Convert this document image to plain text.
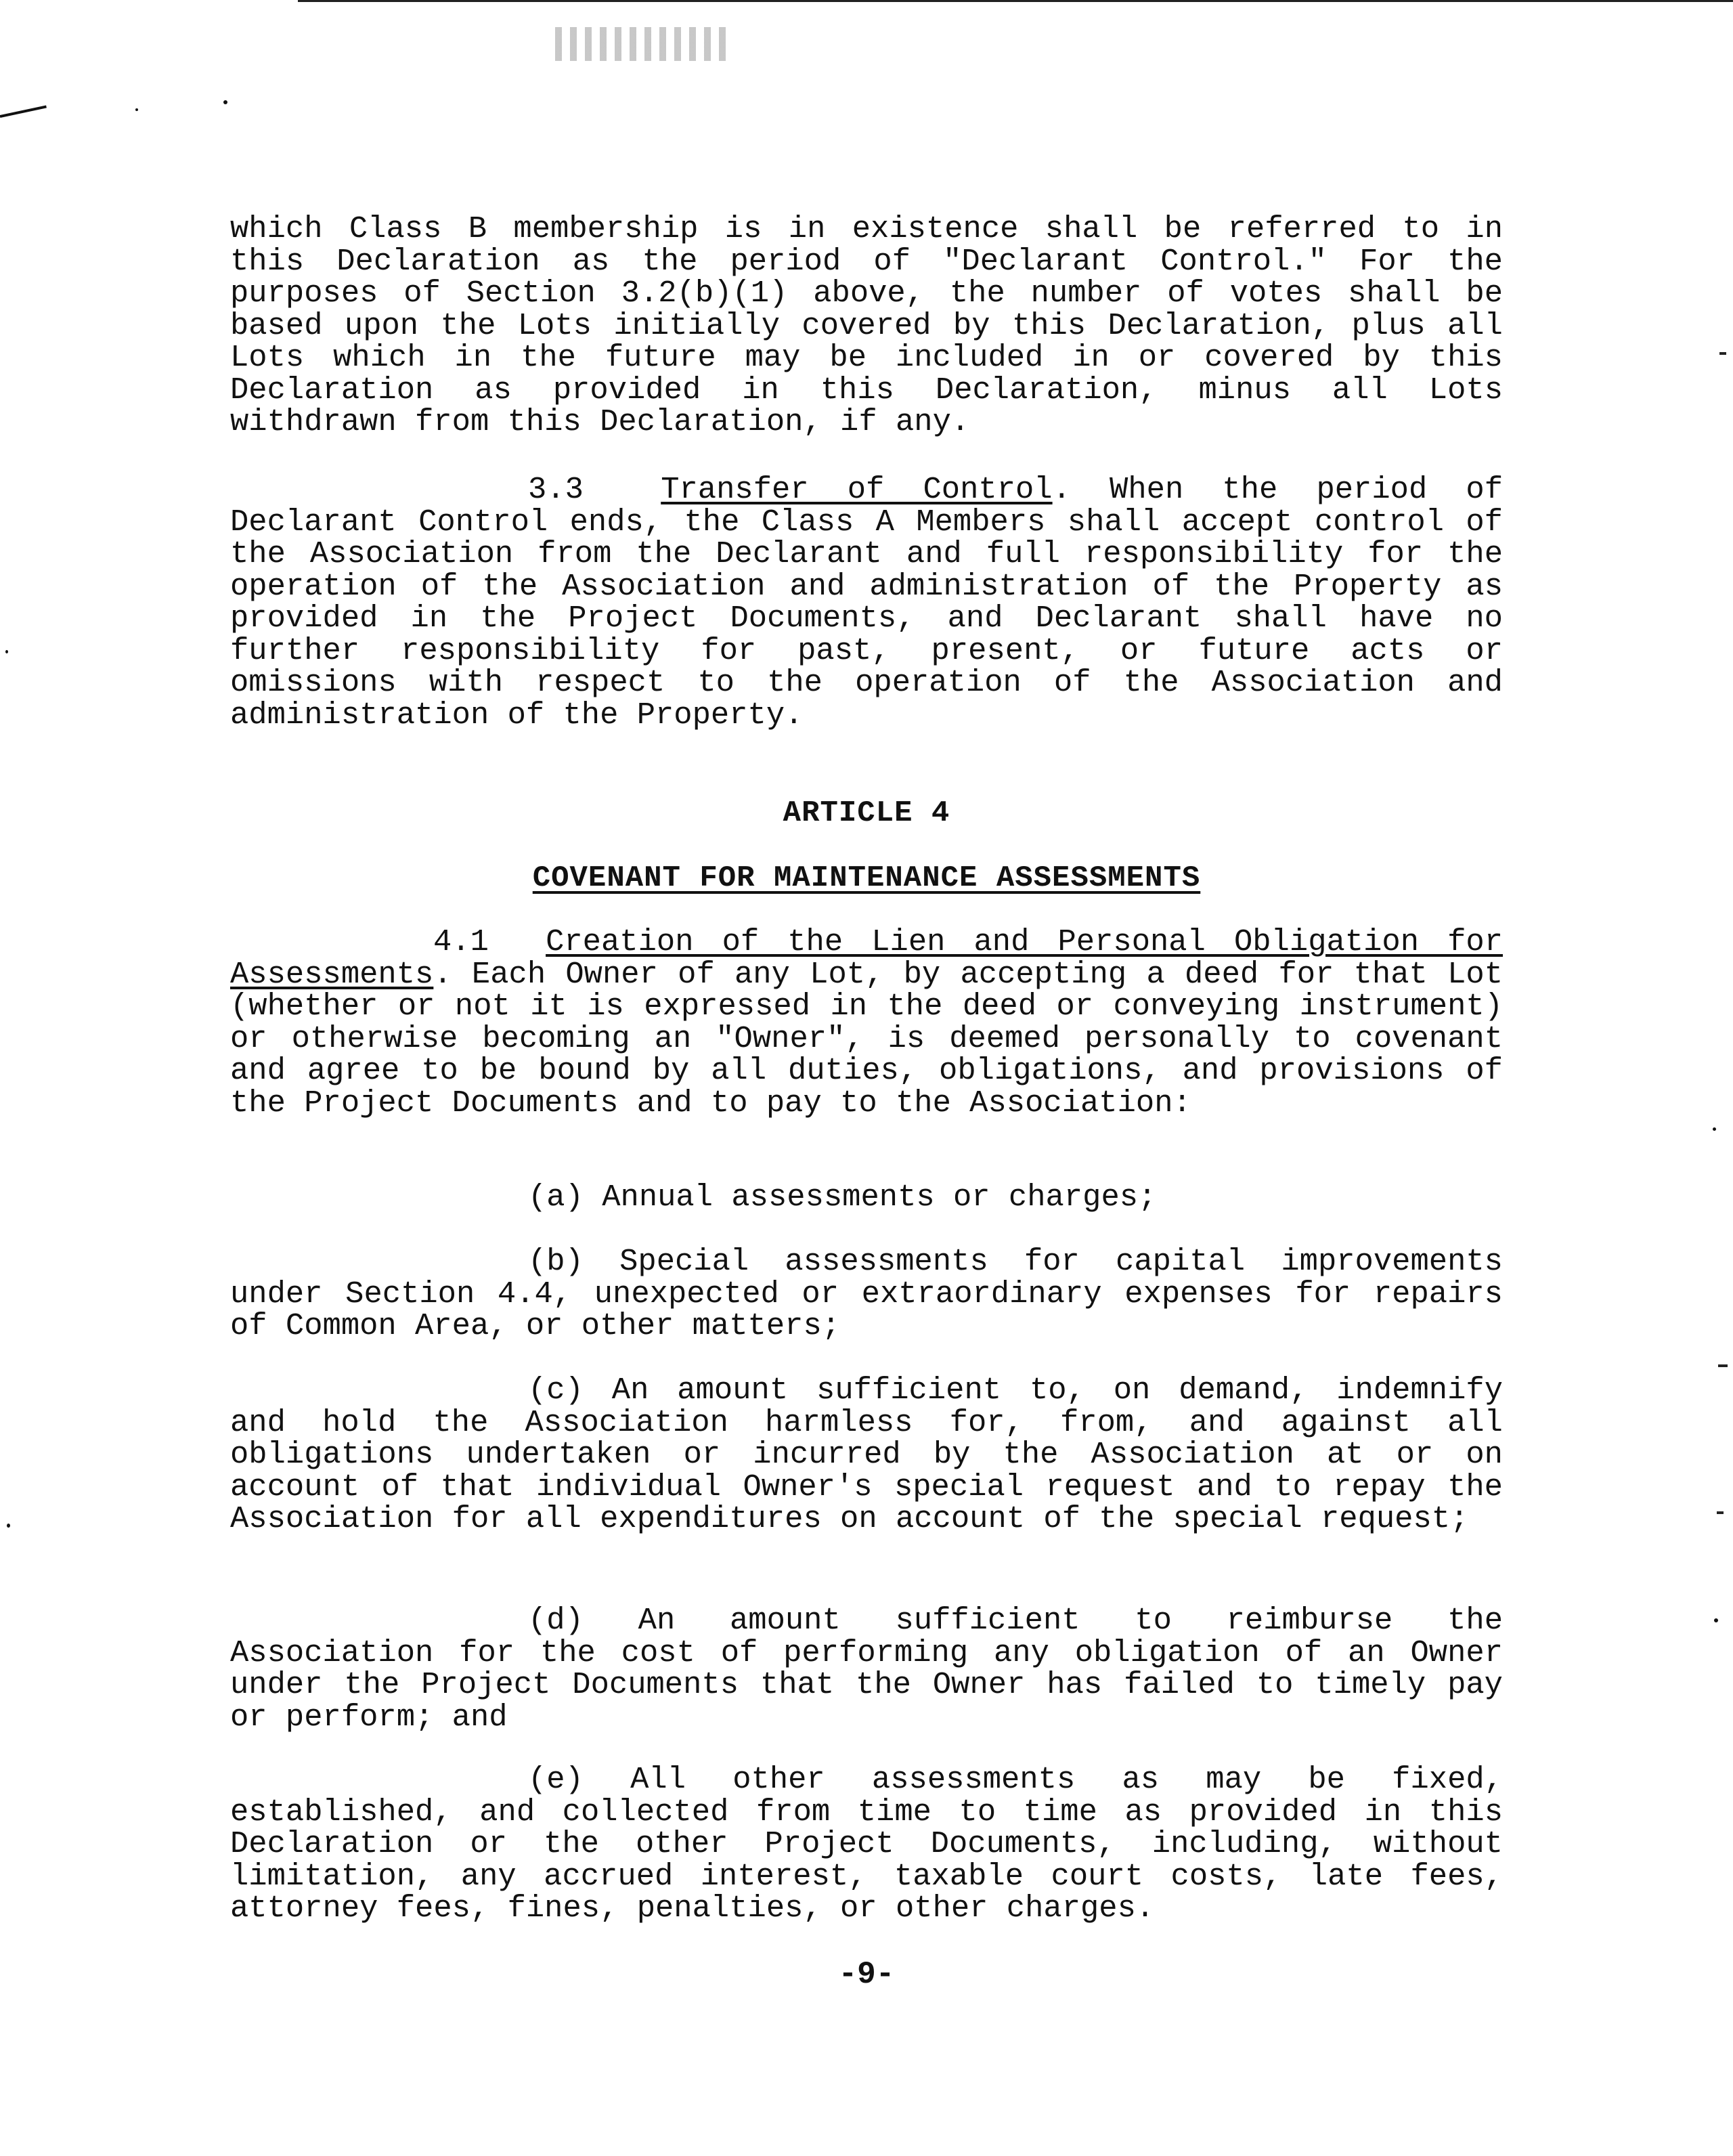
which Class B membership is in existence shall be referred to in this Declaration as the period of "Declarant Control." For the purposes of Section 3.2(b)(1) above, the number of votes shall be based upon the Lots initially covered by this Declaration, plus all Lots which in the future may be included in or covered by this Declaration as provided in this Declaration, minus all Lots withdrawn from this Declaration, if any.

3.3	Transfer of Control. When the period of Declarant Control ends, the Class A Members shall accept control of the Association from the Declarant and full responsibility for the operation of the Association and administration of the Property as provided in the Project Documents, and Declarant shall have no further responsibility for past, present, or future acts or omissions with respect to the operation of the Association and administration of the Property.

ARTICLE 4
COVENANT FOR MAINTENANCE ASSESSMENTS

4.1 Creation of the Lien and Personal Obligation for Assessments. Each Owner of any Lot, by accepting a deed for that Lot (whether or not it is expressed in the deed or conveying instrument) or otherwise becoming an "Owner", is deemed personally to covenant and agree to be bound by all duties, obligations, and provisions of the Project Documents and to pay to the Association:

(a) Annual assessments or charges;

(b) Special assessments for capital improvements under Section 4.4, unexpected or extraordinary expenses for repairs of Common Area, or other matters;

(c) An amount sufficient to, on demand, indemnify and hold the Association harmless for, from, and against all obligations undertaken or incurred by the Association at or on account of that individual Owner's special request and to repay the Association for all expenditures on account of the special request;

(d) An amount sufficient to reimburse the Association for the cost of performing any obligation of an Owner under the Project Documents that the Owner has failed to timely pay or perform; and

(e) All other assessments as may be fixed, established, and collected from time to time as provided in this Declaration or the other Project Documents, including, without limitation, any accrued interest, taxable court costs, late fees, attorney fees, fines, penalties, or other charges.

-9-
